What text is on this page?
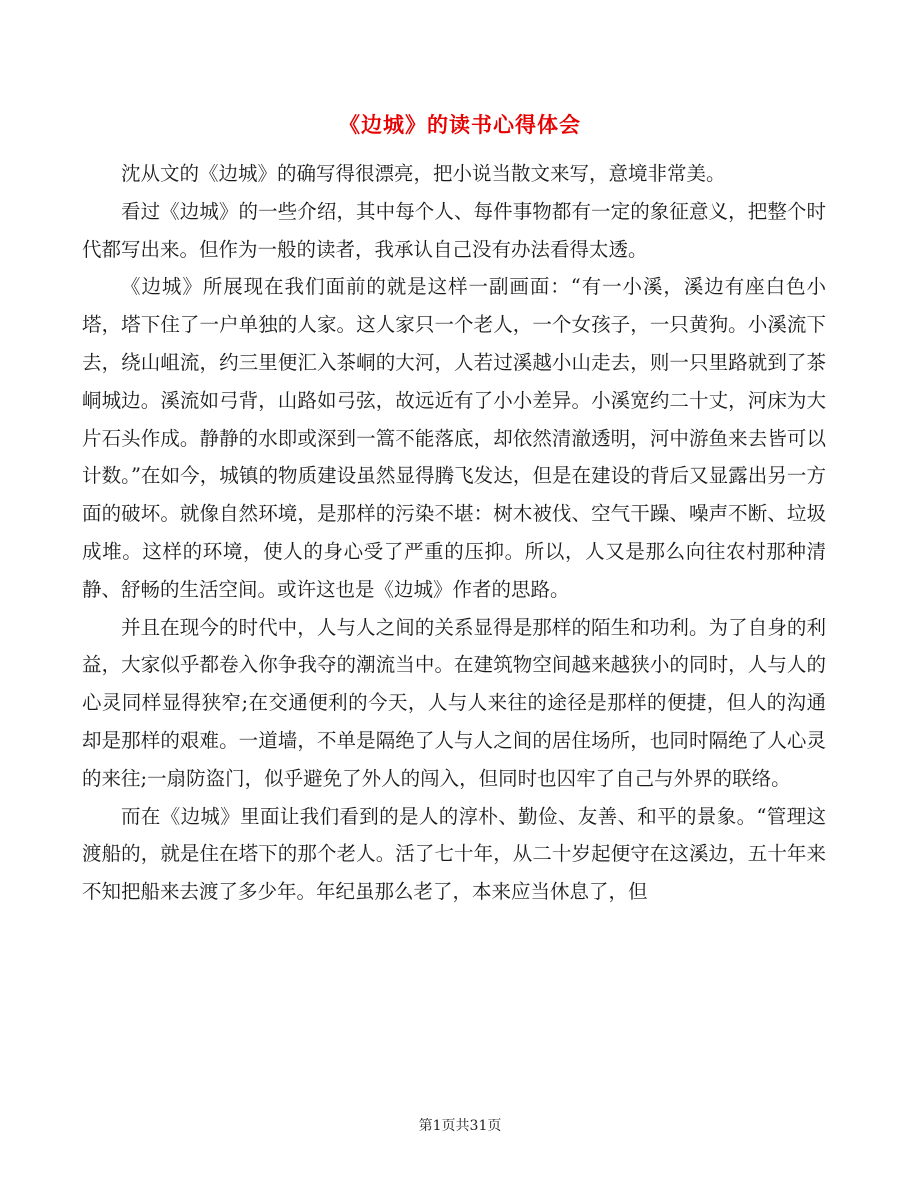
《边城》的读书心得体会

沈从文的《边城》的确写得很漂亮，把小说当散文来写，意境非常美。

看过《边城》的一些介绍，其中每个人、每件事物都有一定的象征意义，把整个时代都写出来。但作为一般的读者，我承认自己没有办法看得太透。

《边城》所展现在我们面前的就是这样一副画面：“有一小溪，溪边有座白色小塔，塔下住了一户单独的人家。这人家只一个老人，一个女孩子，一只黄狗。小溪流下去，绕山岨流，约三里便汇入茶峒的大河，人若过溪越小山走去，则一只里路就到了茶峒城边。溪流如弓背，山路如弓弦，故远近有了小小差异。小溪宽约二十丈，河床为大片石头作成。静静的水即或深到一篙不能落底，却依然清澈透明，河中游鱼来去皆可以计数。”在如今，城镇的物质建设虽然显得腾飞发达，但是在建设的背后又显露出另一方面的破坏。就像自然环境，是那样的污染不堪：树木被伐、空气干躁、噪声不断、垃圾成堆。这样的环境，使人的身心受了严重的压抑。所以，人又是那么向往农村那种清静、舒畅的生活空间。或许这也是《边城》作者的思路。

并且在现今的时代中，人与人之间的关系显得是那样的陌生和功利。为了自身的利益，大家似乎都卷入你争我夺的潮流当中。在建筑物空间越来越狭小的同时，人与人的心灵同样显得狭窄;在交通便利的今天，人与人来往的途径是那样的便捷，但人的沟通却是那样的艰难。一道墙，不单是隔绝了人与人之间的居住场所，也同时隔绝了人心灵的来往;一扇防盗门，似乎避免了外人的闯入，但同时也囚牢了自己与外界的联络。

而在《边城》里面让我们看到的是人的淳朴、勤俭、友善、和平的景象。“管理这渡船的，就是住在塔下的那个老人。活了七十年，从二十岁起便守在这溪边，五十年来不知把船来去渡了多少年。年纪虽那么老了，本来应当休息了，但

第1页共31页
